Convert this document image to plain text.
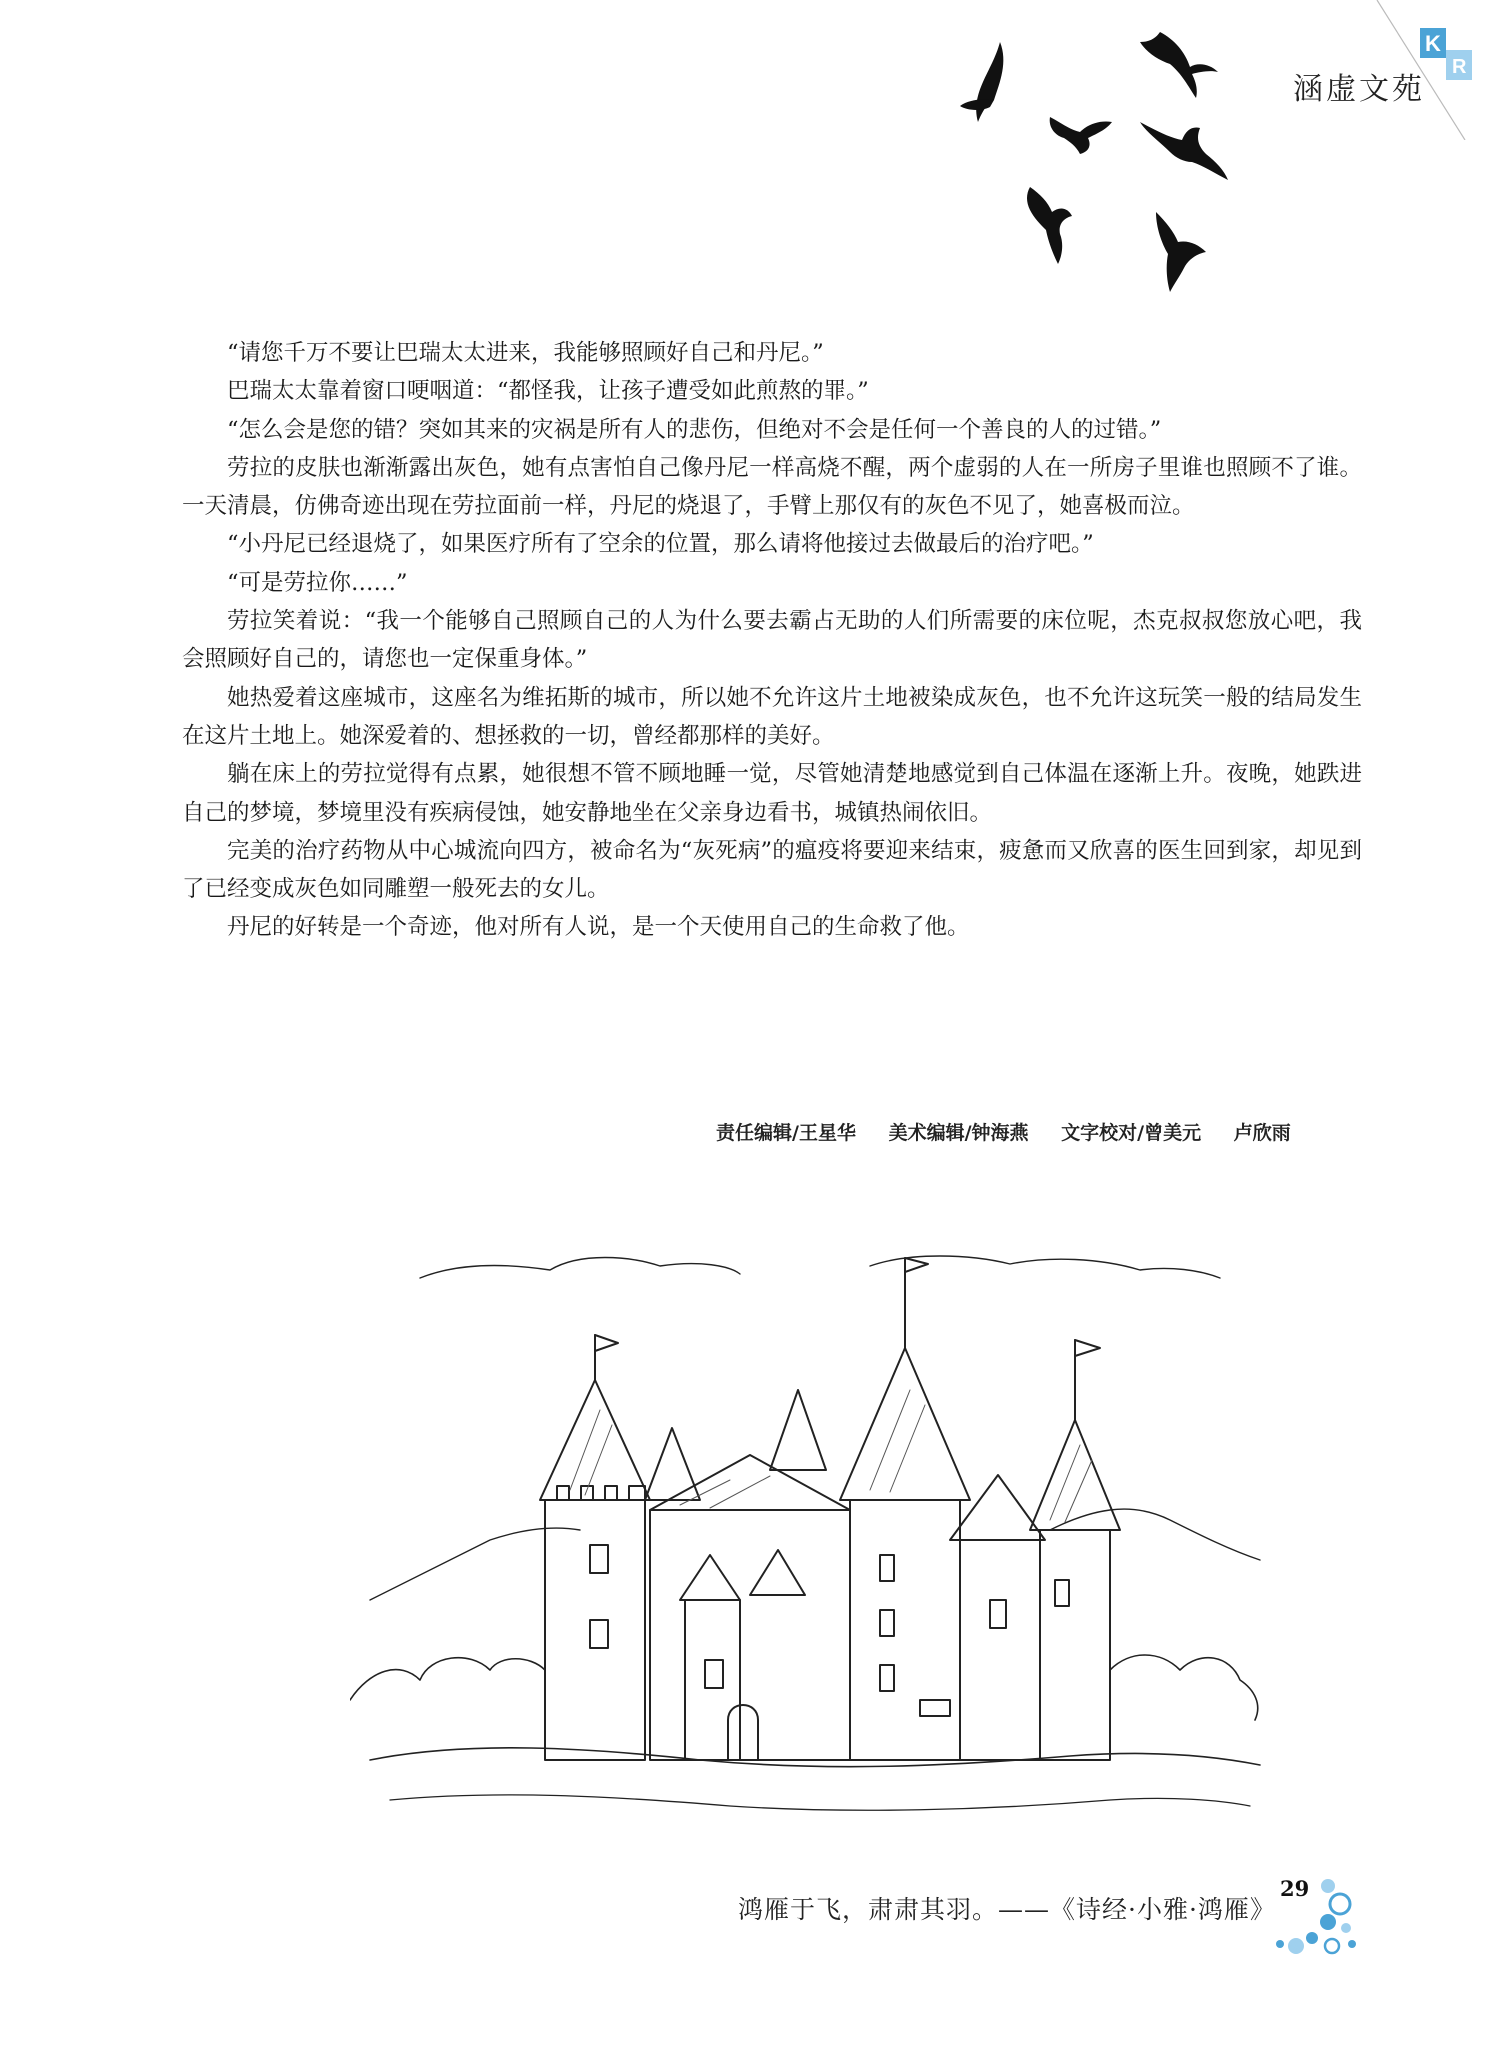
K
R
涵虚文苑

“请您千万不要让巴瑞太太进来，我能够照顾好自己和丹尼。”

巴瑞太太靠着窗口哽咽道：“都怪我，让孩子遭受如此煎熬的罪。”

“怎么会是您的错？突如其来的灾祸是所有人的悲伤，但绝对不会是任何一个善良的人的过错。”

劳拉的皮肤也渐渐露出灰色，她有点害怕自己像丹尼一样高烧不醒，两个虚弱的人在一所房子里谁也照顾不了谁。一天清晨，仿佛奇迹出现在劳拉面前一样，丹尼的烧退了，手臂上那仅有的灰色不见了，她喜极而泣。

“小丹尼已经退烧了，如果医疗所有了空余的位置，那么请将他接过去做最后的治疗吧。”

“可是劳拉你……”

劳拉笑着说：“我一个能够自己照顾自己的人为什么要去霸占无助的人们所需要的床位呢，杰克叔叔您放心吧，我会照顾好自己的，请您也一定保重身体。”

她热爱着这座城市，这座名为维拓斯的城市，所以她不允许这片土地被染成灰色，也不允许这玩笑一般的结局发生在这片土地上。她深爱着的、想拯救的一切，曾经都那样的美好。

躺在床上的劳拉觉得有点累，她很想不管不顾地睡一觉，尽管她清楚地感觉到自己体温在逐渐上升。夜晚，她跌进自己的梦境，梦境里没有疾病侵蚀，她安静地坐在父亲身边看书，城镇热闹依旧。

完美的治疗药物从中心城流向四方，被命名为“灰死病”的瘟疫将要迎来结束，疲惫而又欣喜的医生回到家，却见到了已经变成灰色如同雕塑一般死去的女儿。

丹尼的好转是一个奇迹，他对所有人说，是一个天使用自己的生命救了他。

责任编辑/王星华 美术编辑/钟海燕 文字校对/曾美元 卢欣雨
鸿雁于飞，肃肃其羽。——《诗经·小雅·鸿雁》
29
